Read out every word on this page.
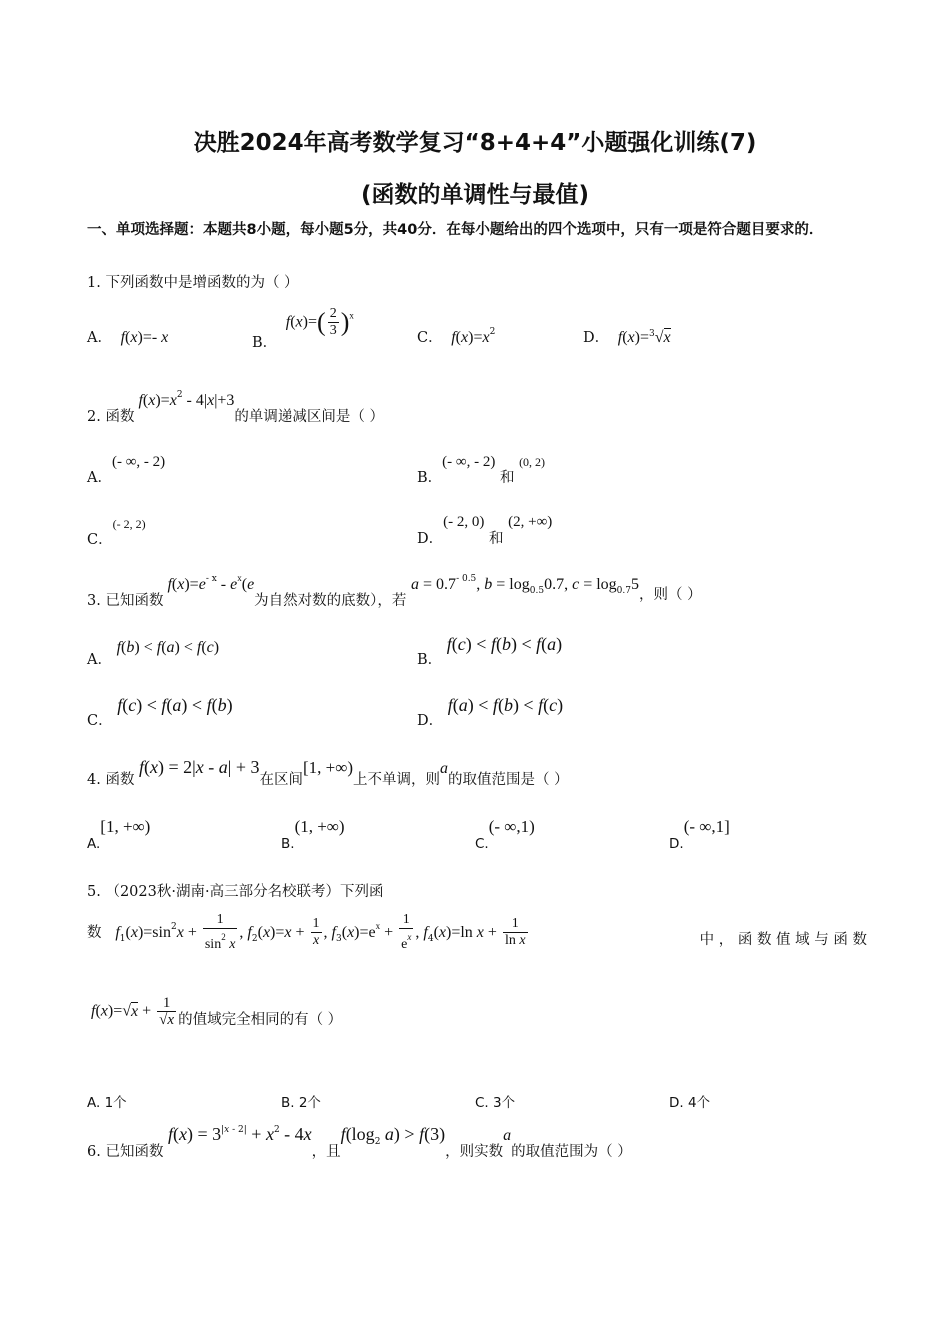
决胜2024年高考数学复习“8+4+4”小题强化训练(7)
(函数的单调性与最值)
一、单项选择题：本题共8小题，每小题5分，共40分．在每小题给出的四个选项中，只有一项是符合题目要求的．
1. 下列函数中是增函数的为（ ）
A．  f(x)=- x	B．  $f(x)=( \frac{2}{3} )^x$
C．  $f(x)=x^2$	D．  f(x)=$^3$√x
2. 函数 $f(x)=x^2 - 4|x|+3$的单调递减区间是（ ）
A．(- ∞, - 2)
B．(- ∞, - 2) 和 (0, 2)
C．(- 2, 2)
D．(- 2, 0) 和 (2, +∞)
3. 已知函数 $f(x)=e^{- x} - e^x(e$为自然对数的底数），若 $a = 0.7^{- 0.5}$, $b = \log_{0.5}0.7$, $c = \log_{0.7}5$，则（ ）
A． f(b) < f(a) < f(c)
B． f(c) < f(b) < f(a)
C． f(c) < f(a) < f(b)
D． f(a) < f(b) < f(c)
4. 函数 f(x) = 2|x - a| + 3在区间[1, +∞)上不单调，则a的取值范围是（ ）
A.[1, +∞)
B.(1, +∞)
C.(- ∞,1)
D.(- ∞,1]
5. （2023秋·湖南·高三部分名校联考）下列函
数 $f_1(x)=\sin^2x + \frac{1}{\sin^2 x}$ , $f_2(x)=x + \frac{1}{x}$ , $f_3(x)=e^x + \frac{1}{e^x}$ , $f_4(x)=\ln$ $x + \frac{1}{\text{ln x}}$	中 ， 函 数 值 域 与 函 数
$f(x)=√x + \frac{1}{√x}$ 的值域完全相同的有（ ）
A. 1个	B. 2个	C. 3个	D. 4个
6. 已知函数 $f(x) = 3^{|x - 2|} + x^2 - 4x$，且$f(\log_2$ a) > f(3)，则实数a的取值范围为（ ）
